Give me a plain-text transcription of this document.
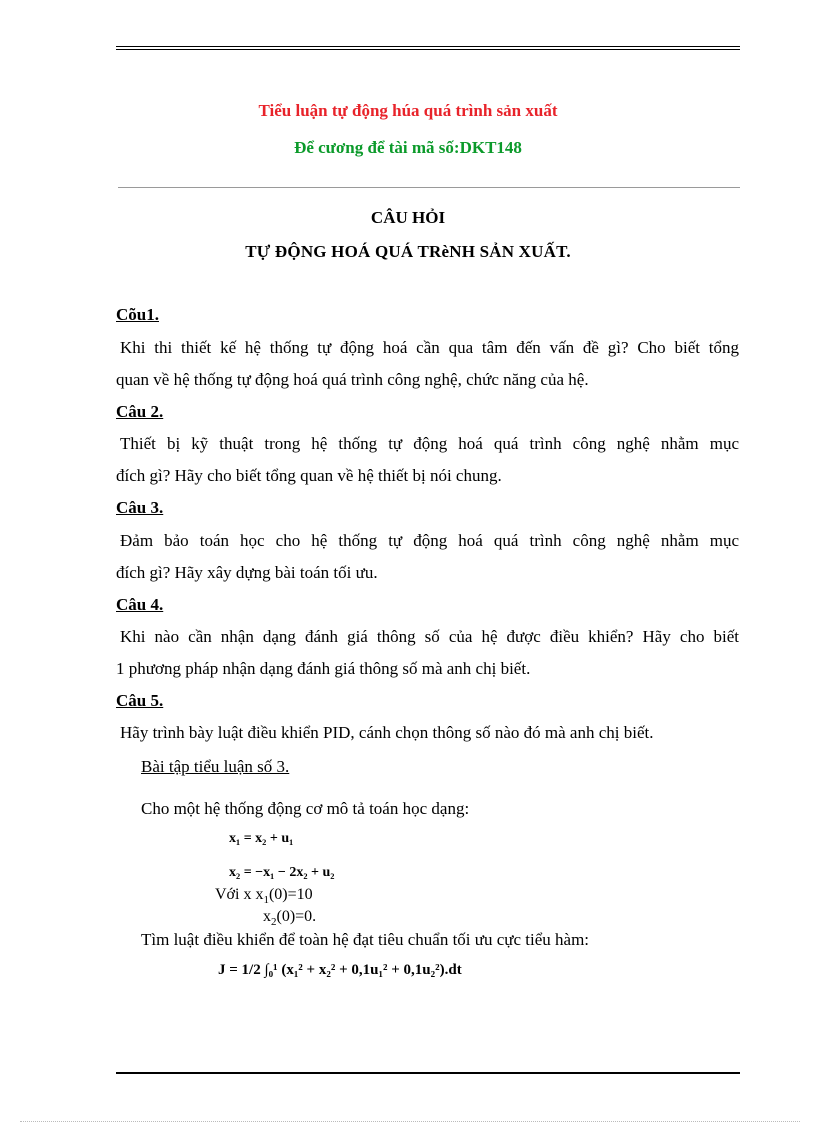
Tiểu luận tự động húa quá trình sản xuất
Để cương để tài mã số:DKT148
CÂU HỎI
TỰ ĐỘNG HOÁ QUÁ TRèNH SẢN XUẤT.
Cõu1.
Khi thi thiết kế hệ thống tự động hoá cần qua tâm đến vấn đề gì? Cho biết tổng
quan về hệ thống tự động hoá quá trình công nghệ, chức năng của hệ.
Câu 2.
Thiết bị kỹ thuật trong hệ thống tự động hoá quá trình công nghệ nhằm mục
đích gì? Hãy cho biết tổng quan về hệ thiết bị nói chung.
Câu 3.
Đảm bảo toán học cho hệ thống tự động hoá quá trình công nghệ nhằm mục
đích gì? Hãy xây dựng bài toán tối ưu.
Câu 4.
Khi nào cần nhận dạng đánh giá thông số của hệ được điều khiển? Hãy cho biết
1 phương pháp nhận dạng đánh giá thông số mà anh chị biết.
Câu 5.
Hãy trình bày luật điều khiển PID, cánh chọn thông số nào đó mà anh chị biết.
Bài tập tiểu luận số 3.
Cho một hệ thống động cơ mô tả toán học dạng:
x₁ = x₂ + u₁
x₂ = −x₁ − 2x₂ + u₂
Với x $x_1(0)=10$
$x_2(0)=0$.
Tìm luật điều khiển để toàn hệ đạt tiêu chuẩn tối ưu cực tiểu hàm:
J = 1/2 ∫₀¹ (x₁² + x₂² + 0,1u₁² + 0,1u₂²).dt
